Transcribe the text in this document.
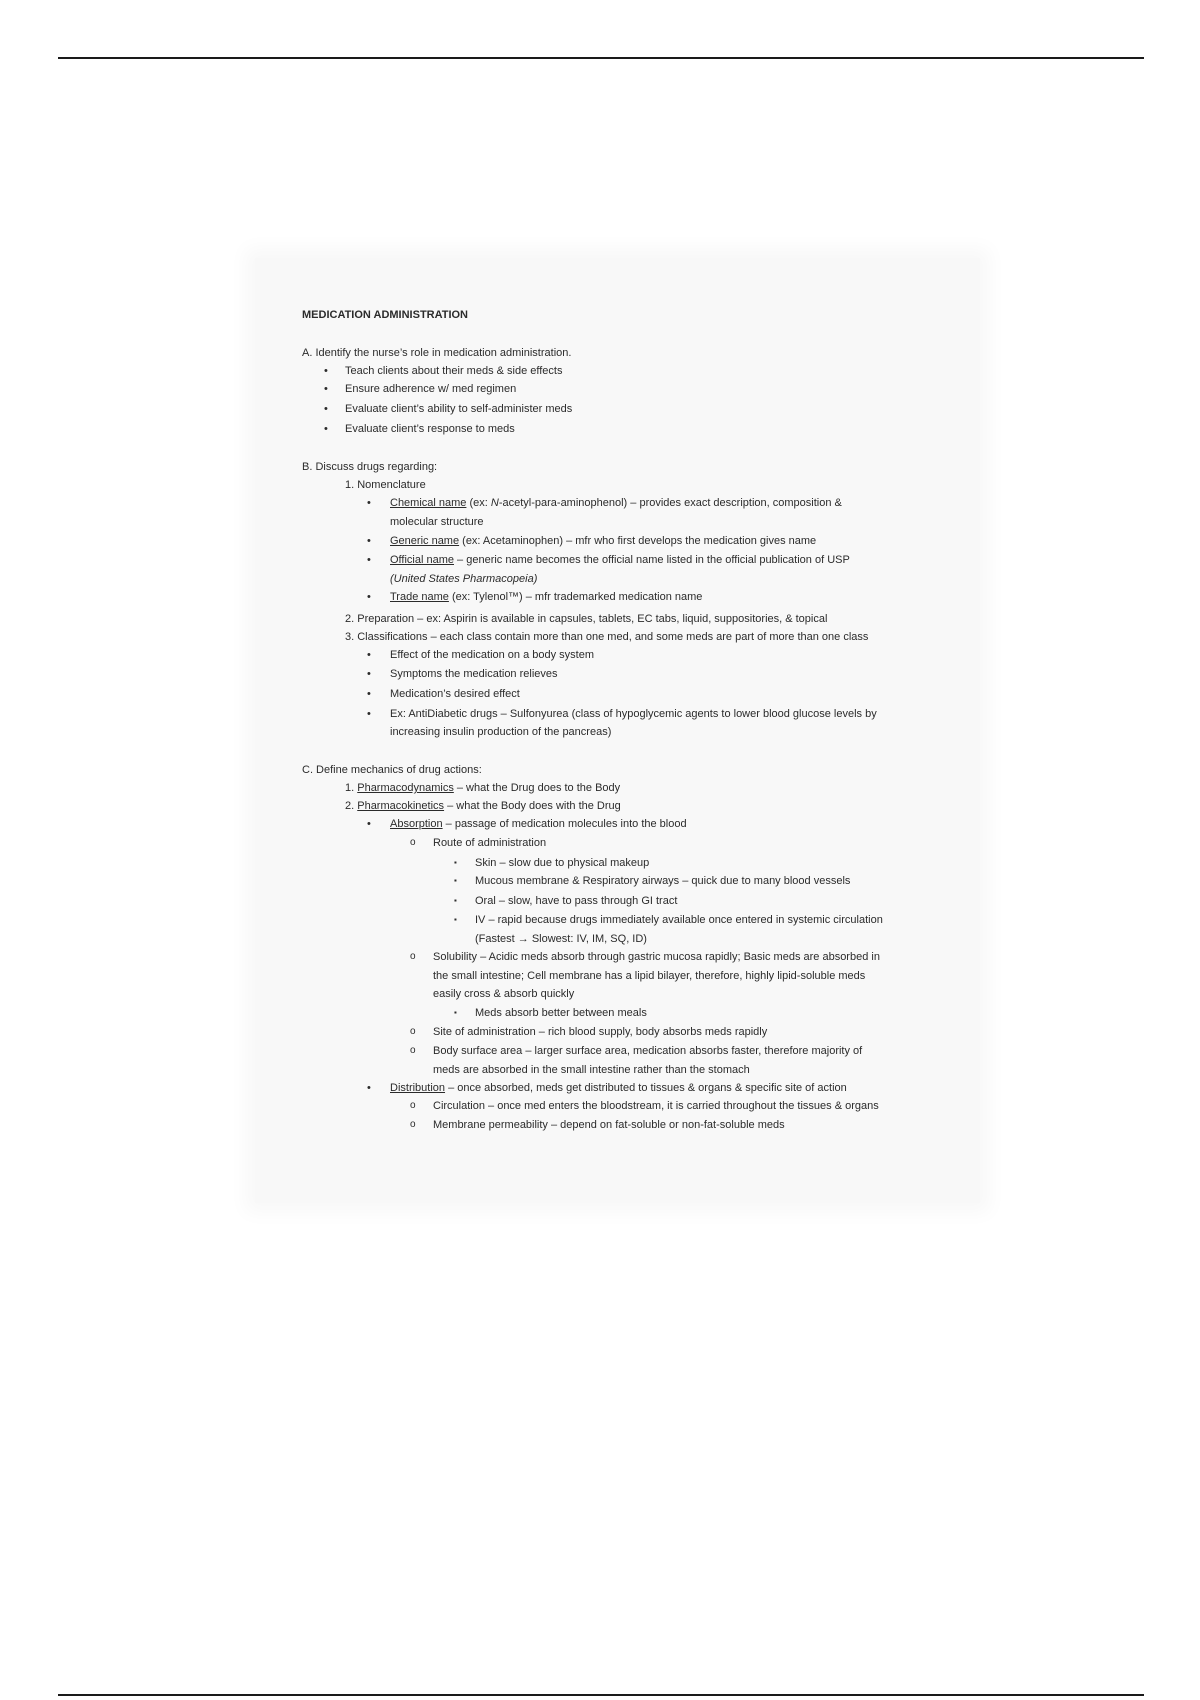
MEDICATION ADMINISTRATION
A. Identify the nurse’s role in medication administration.
• Teach clients about their meds & side effects
• Ensure adherence w/ med regimen
• Evaluate client’s ability to self-administer meds
• Evaluate client’s response to meds
B. Discuss drugs regarding:
1. Nomenclature
• Chemical name (ex: N-acetyl-para-aminophenol) – provides exact description, composition &
molecular structure
• Generic name (ex: Acetaminophen) – mfr who first develops the medication gives name
• Official name – generic name becomes the official name listed in the official publication of USP
(United States Pharmacopeia)
• Trade name (ex: Tylenol™) – mfr trademarked medication name
2. Preparation – ex: Aspirin is available in capsules, tablets, EC tabs, liquid, suppositories, & topical
3. Classifications – each class contain more than one med, and some meds are part of more than one class
• Effect of the medication on a body system
• Symptoms the medication relieves
• Medication’s desired effect
• Ex: AntiDiabetic drugs – Sulfonyurea (class of hypoglycemic agents to lower blood glucose levels by
increasing insulin production of the pancreas)
C. Define mechanics of drug actions:
1. Pharmacodynamics – what the Drug does to the Body
2. Pharmacokinetics – what the Body does with the Drug
• Absorption – passage of medication molecules into the blood
o Route of administration
▪ Skin – slow due to physical makeup
▪ Mucous membrane & Respiratory airways – quick due to many blood vessels
▪ Oral – slow, have to pass through GI tract
▪ IV – rapid because drugs immediately available once entered in systemic circulation
(Fastest → Slowest: IV, IM, SQ, ID)
o Solubility – Acidic meds absorb through gastric mucosa rapidly; Basic meds are absorbed in
the small intestine; Cell membrane has a lipid bilayer, therefore, highly lipid-soluble meds
easily cross & absorb quickly
▪ Meds absorb better between meals
o Site of administration – rich blood supply, body absorbs meds rapidly
o Body surface area – larger surface area, medication absorbs faster, therefore majority of
meds are absorbed in the small intestine rather than the stomach
• Distribution – once absorbed, meds get distributed to tissues & organs & specific site of action
o Circulation – once med enters the bloodstream, it is carried throughout the tissues & organs
o Membrane permeability – depend on fat-soluble or non-fat-soluble meds
